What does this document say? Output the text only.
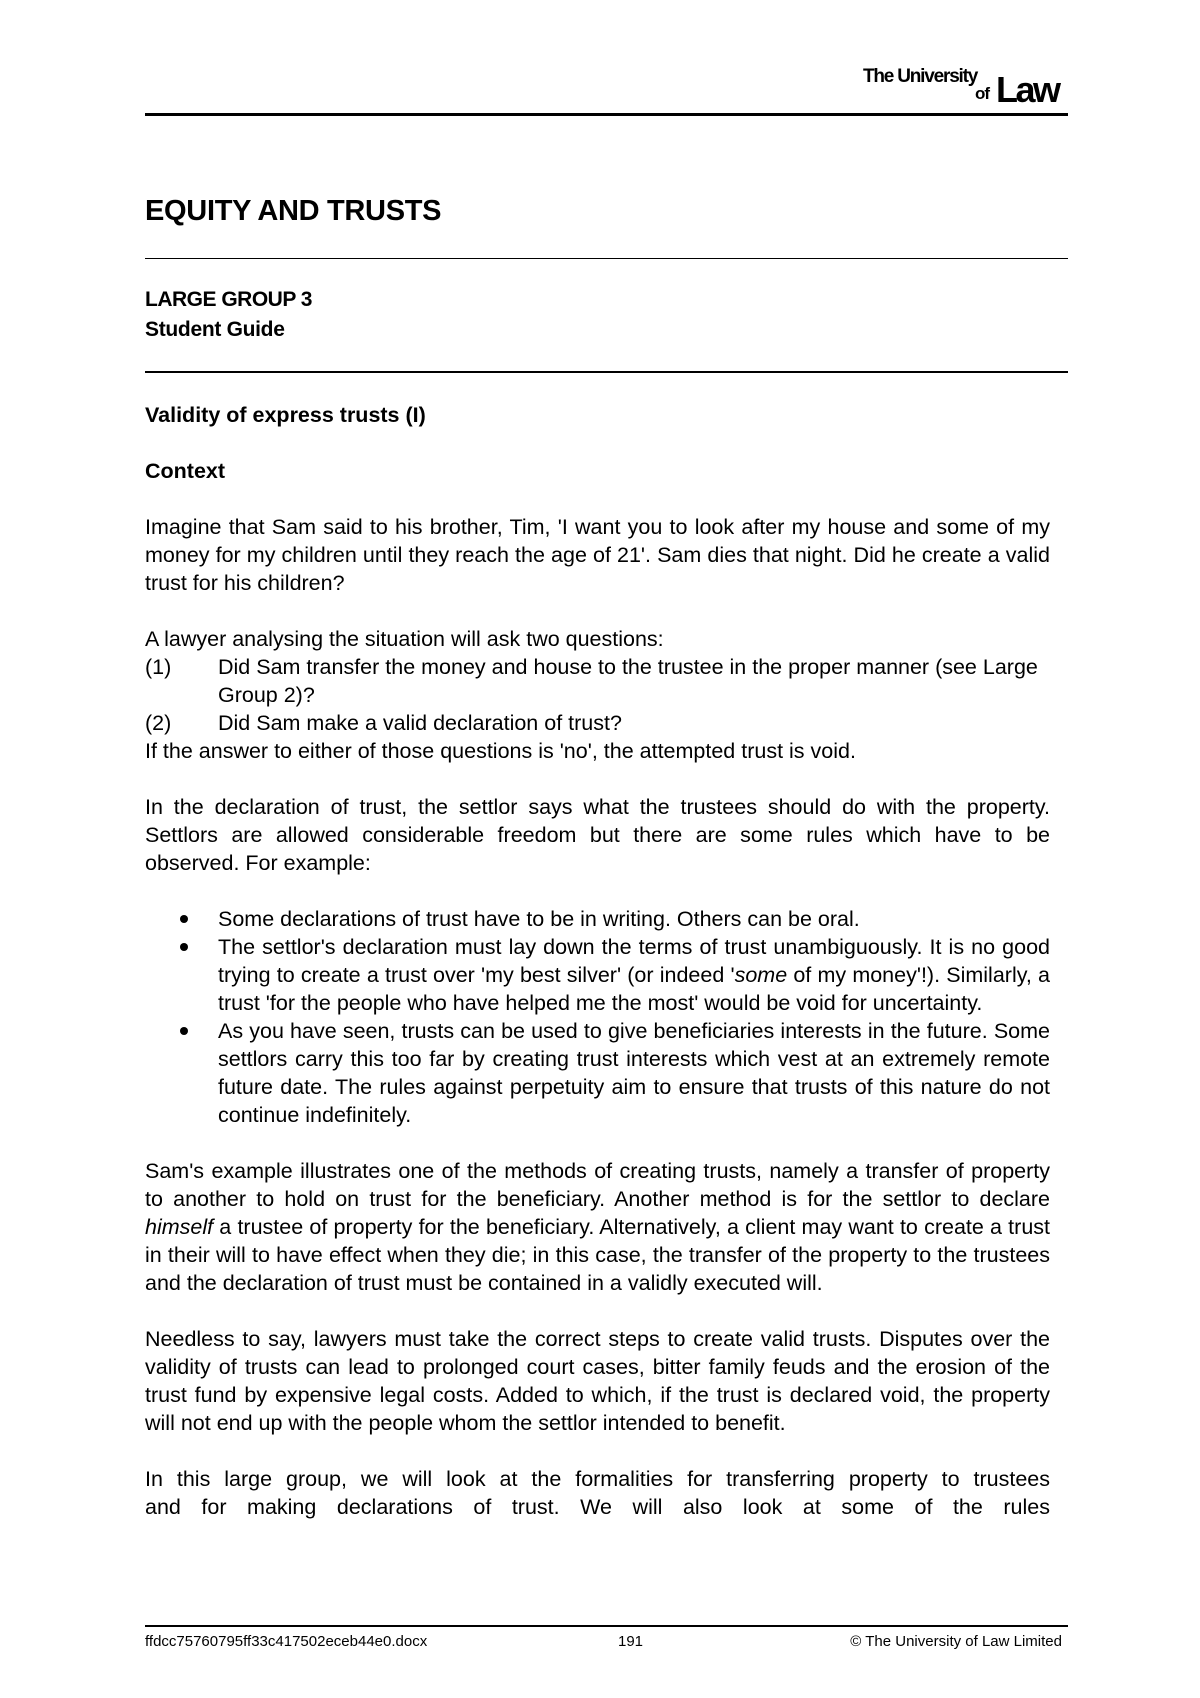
The University
of Law
EQUITY AND TRUSTS
LARGE GROUP 3
Student Guide

Validity of express trusts (I)

Context

Imagine that Sam said to his brother, Tim, 'I want you to look after my house and some of my money for my children until they reach the age of 21'. Sam dies that night. Did he create a valid trust for his children?

A lawyer analysing the situation will ask two questions:

(1)	Did Sam transfer the money and house to the trustee in the proper manner (see Large Group 2)?
(2)	Did Sam make a valid declaration of trust?

If the answer to either of those questions is 'no', the attempted trust is void.

In the declaration of trust, the settlor says what the trustees should do with the property. Settlors are allowed considerable freedom but there are some rules which have to be observed. For example:

Some declarations of trust have to be in writing. Others can be oral.
The settlor's declaration must lay down the terms of trust unambiguously. It is no good trying to create a trust over 'my best silver' (or indeed 'some of my money'!). Similarly, a trust 'for the people who have helped me the most' would be void for uncertainty.
As you have seen, trusts can be used to give beneficiaries interests in the future. Some settlors carry this too far by creating trust interests which vest at an extremely remote future date. The rules against perpetuity aim to ensure that trusts of this nature do not continue indefinitely.

Sam's example illustrates one of the methods of creating trusts, namely a transfer of property to another to hold on trust for the beneficiary. Another method is for the settlor to declare himself a trustee of property for the beneficiary. Alternatively, a client may want to create a trust in their will to have effect when they die; in this case, the transfer of the property to the trustees and the declaration of trust must be contained in a validly executed will.

Needless to say, lawyers must take the correct steps to create valid trusts. Disputes over the validity of trusts can lead to prolonged court cases, bitter family feuds and the erosion of the trust fund by expensive legal costs. Added to which, if the trust is declared void, the property will not end up with the people whom the settlor intended to benefit.

In this large group, we will look at the formalities for transferring property to trustees

and for making declarations of trust. We will also look at some of the rules

ffdcc75760795ff33c417502eceb44e0.docx	191	© The University of Law Limited
